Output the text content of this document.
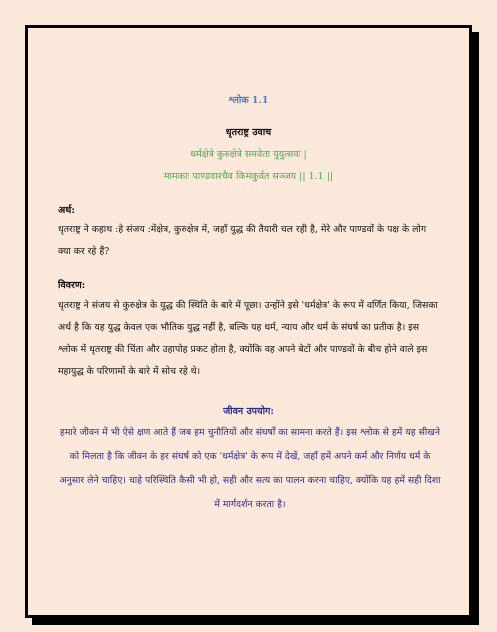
श्लोक 1.1
धृतराष्ट्र उवाच
धर्मक्षेत्रे कुरुक्षेत्रे समवेता युयुत्सवः |
मामकाः पाण्डवाश्चैव किमकुर्वत सञ्जय || 1.1 ||
अर्थ:
धृतराष्ट्र ने कहाथ :हे संजय :मेंक्षेत्र, कुरुक्षेत्र में, जहाँ युद्ध की तैयारी चल रही है, मेरे और पाण्डवों के पक्ष के लोग क्या कर रहे हैं?
विवरण:
धृतराष्ट्र ने संजय से कुरुक्षेत्र के युद्ध की स्थिति के बारे में पूछा। उन्होंने इसे 'धर्मक्षेत्र' के रूप में वर्णित किया, जिसका अर्थ है कि यह युद्ध केवल एक भौतिक युद्ध नहीं है, बल्कि यह धर्म, न्याय और धर्म के संघर्ष का प्रतीक है। इस श्लोक में धृतराष्ट्र की चिंता और उहापोह प्रकट होता है, क्योंकि वह अपने बेटों और पाण्डवों के बीच होने वाले इस महायुद्ध के परिणामों के बारे में सोच रहे थे।
जीवन उपयोग:
हमारे जीवन में भी ऐसे क्षण आते हैं जब हम चुनौतियों और संघर्षों का सामना करते हैं। इस श्लोक से हमें यह सीखने को मिलता है कि जीवन के हर संघर्ष को एक 'धर्मक्षेत्र' के रूप में देखें, जहाँ हमें अपने कर्म और निर्णय धर्म के अनुसार लेने चाहिए। चाहे परिस्थिति कैसी भी हो, सही और सत्य का पालन करना चाहिए, क्योंकि यह हमें सही दिशा में मार्गदर्शन करता है।
